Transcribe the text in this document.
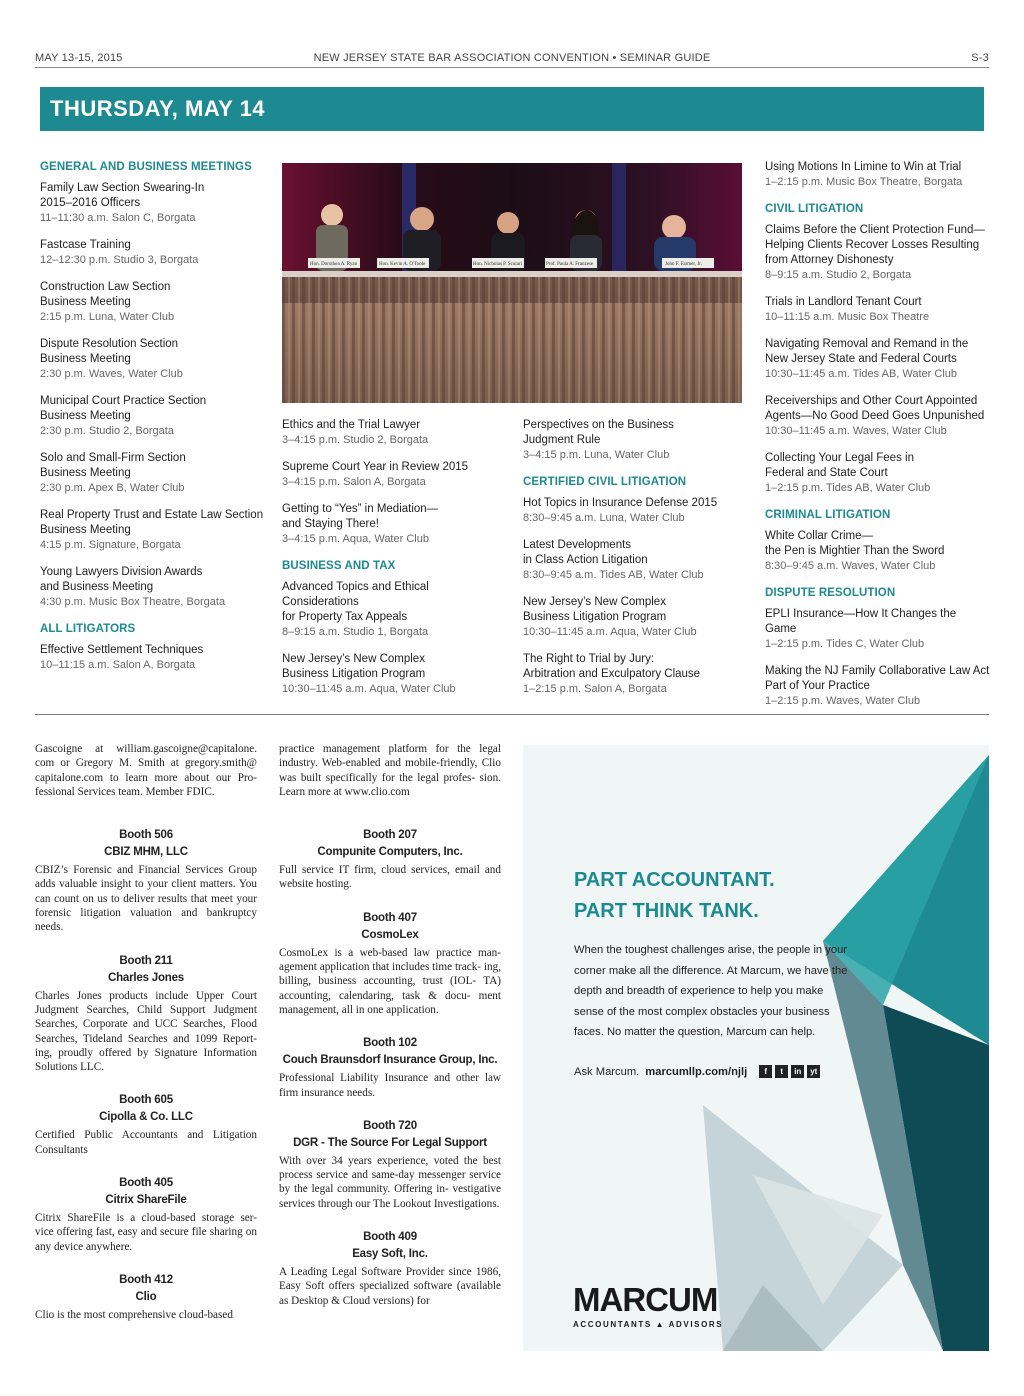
MAY 13-15, 2015	NEW JERSEY STATE BAR ASSOCIATION CONVENTION • SEMINAR GUIDE	S-3
THURSDAY, MAY 14
GENERAL AND BUSINESS MEETINGS
Family Law Section Swearing-In
2015–2016 Officers
11–11:30 a.m. Salon C, Borgata
Fastcase Training
12–12:30 p.m. Studio 3, Borgata
Construction Law Section
Business Meeting
2:15 p.m. Luna, Water Club
Dispute Resolution Section
Business Meeting
2:30 p.m. Waves, Water Club
Municipal Court Practice Section
Business Meeting
2:30 p.m. Studio 2, Borgata
Solo and Small-Firm Section
Business Meeting
2:30 p.m. Apex B, Water Club
Real Property Trust and Estate Law Section
Business Meeting
4:15 p.m. Signature, Borgata
Young Lawyers Division Awards
and Business Meeting
4:30 p.m. Music Box Theatre, Borgata
ALL LITIGATORS
Effective Settlement Techniques
10–11:15 a.m. Salon A, Borgata
Ethics and the Trial Lawyer
3–4:15 p.m. Studio 2, Borgata
Supreme Court Year in Review 2015
3–4:15 p.m. Salon A, Borgata
Getting to “Yes” in Mediation—
and Staying There!
3–4:15 p.m. Aqua, Water Club
BUSINESS AND TAX
Advanced Topics and Ethical Considerations
for Property Tax Appeals
8–9:15 a.m. Studio 1, Borgata
New Jersey’s New Complex
Business Litigation Program
10:30–11:45 a.m. Aqua, Water Club
Perspectives on the Business
Judgment Rule
3–4:15 p.m. Luna, Water Club
CERTIFIED CIVIL LITIGATION
Hot Topics in Insurance Defense 2015
8:30–9:45 a.m. Luna, Water Club
Latest Developments
in Class Action Litigation
8:30–9:45 a.m. Tides AB, Water Club
New Jersey’s New Complex
Business Litigation Program
10:30–11:45 a.m. Aqua, Water Club
The Right to Trial by Jury:
Arbitration and Exculpatory Clause
1–2:15 p.m. Salon A, Borgata
Using Motions In Limine to Win at Trial
1–2:15 p.m. Music Box Theatre, Borgata
CIVIL LITIGATION
Claims Before the Client Protection Fund—
Helping Clients Recover Losses Resulting
from Attorney Dishonesty
8–9:15 a.m. Studio 2, Borgata
Trials in Landlord Tenant Court
10–11:15 a.m. Music Box Theatre
Navigating Removal and Remand in the
New Jersey State and Federal Courts
10:30–11:45 a.m. Tides AB, Water Club
Receiverships and Other Court Appointed
Agents—No Good Deed Goes Unpunished
10:30–11:45 a.m. Waves, Water Club
Collecting Your Legal Fees in
Federal and State Court
1–2:15 p.m. Tides AB, Water Club
CRIMINAL LITIGATION
White Collar Crime—
the Pen is Mightier Than the Sword
8:30–9:45 a.m. Waves, Water Club
DISPUTE RESOLUTION
EPLI Insurance—How It Changes the Game
1–2:15 p.m. Tides C, Water Club
Making the NJ Family Collaborative Law Act
Part of Your Practice
1–2:15 p.m. Waves, Water Club
Hon. Dorothea A. Ryan	Hon. Kevin A. O'Toole	Hon. Nicholas P. Scutari	Prof. Paula A. Franzese	John F. Farmer, Jr.
Gascoigne at william.gascoigne@capitalone. com or Gregory M. Smith at gregory.smith@ capitalone.com to learn more about our Pro- fessional Services team. Member FDIC.
Booth 506
CBIZ MHM, LLC
CBIZ’s Forensic and Financial Services Group adds valuable insight to your client matters. You can count on us to deliver results that meet your forensic litigation valuation and bankruptcy needs.
Booth 211
Charles Jones
Charles Jones products include Upper Court Judgment Searches, Child Support Judgment Searches, Corporate and UCC Searches, Flood Searches, Tideland Searches and 1099 Report- ing, proudly offered by Signature Information Solutions LLC.
Booth 605
Cipolla & Co. LLC
Certified Public Accountants and Litigation Consultants
Booth 405
Citrix ShareFile
Citrix ShareFile is a cloud-based storage ser- vice offering fast, easy and secure file sharing on any device anywhere.
Booth 412
Clio
Clio is the most comprehensive cloud-based
practice management platform for the legal industry. Web-enabled and mobile-friendly, Clio was built specifically for the legal profes- sion. Learn more at www.clio.com
Booth 207
Compunite Computers, Inc.
Full service IT firm, cloud services, email and website hosting.
Booth 407
CosmoLex
CosmoLex is a web-based law practice man- agement application that includes time track- ing, billing, business accounting, trust (IOL- TA) accounting, calendaring, task & docu- ment management, all in one application.
Booth 102
Couch Braunsdorf Insurance Group, Inc.
Professional Liability Insurance and other law firm insurance needs.
Booth 720
DGR - The Source For Legal Support
With over 34 years experience, voted the best process service and same-day messenger service by the legal community. Offering in- vestigative services through our The Lookout Investigations.
Booth 409
Easy Soft, Inc.
A Leading Legal Software Provider since 1986, Easy Soft offers specialized software (available as Desktop & Cloud versions) for
PART ACCOUNTANT.
PART THINK TANK.
When the toughest challenges arise, the people in your corner make all the difference. At Marcum, we have the depth and breadth of experience to help you make sense of the most complex obstacles your business faces. No matter the question, Marcum can help.
Ask Marcum. marcumllp.com/njlj	f	t	in	yt
MARCUM
ACCOUNTANTS ▲ ADVISORS
